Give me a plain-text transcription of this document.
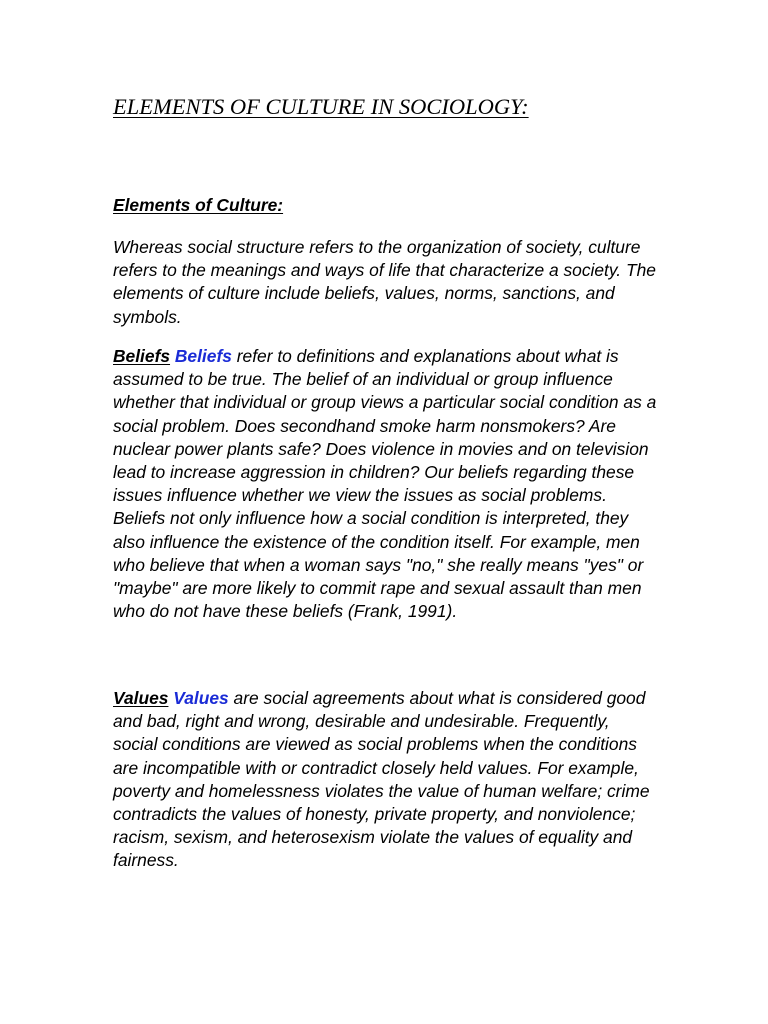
ELEMENTS OF CULTURE IN SOCIOLOGY:
Elements of Culture:

Whereas social structure refers to the organization of society, culture refers to the meanings and ways of life that characterize a society. The elements of culture include beliefs, values, norms, sanctions, and symbols.

Beliefs Beliefs refer to definitions and explanations about what is assumed to be true. The belief of an individual or group influence whether that individual or group views a particular social condition as a social problem. Does secondhand smoke harm nonsmokers? Are nuclear power plants safe? Does violence in movies and on television lead to increase aggression in children? Our beliefs regarding these issues influence whether we view the issues as social problems. Beliefs not only influence how a social condition is interpreted, they also influence the existence of the condition itself. For example, men who believe that when a woman says "no," she really means "yes" or "maybe" are more likely to commit rape and sexual assault than men who do not have these beliefs (Frank, 1991).

Values Values are social agreements about what is considered good and bad, right and wrong, desirable and undesirable. Frequently, social conditions are viewed as social problems when the conditions are incompatible with or contradict closely held values. For example, poverty and homelessness violates the value of human welfare; crime contradicts the values of honesty, private property, and nonviolence; racism, sexism, and heterosexism violate the values of equality and fairness.
